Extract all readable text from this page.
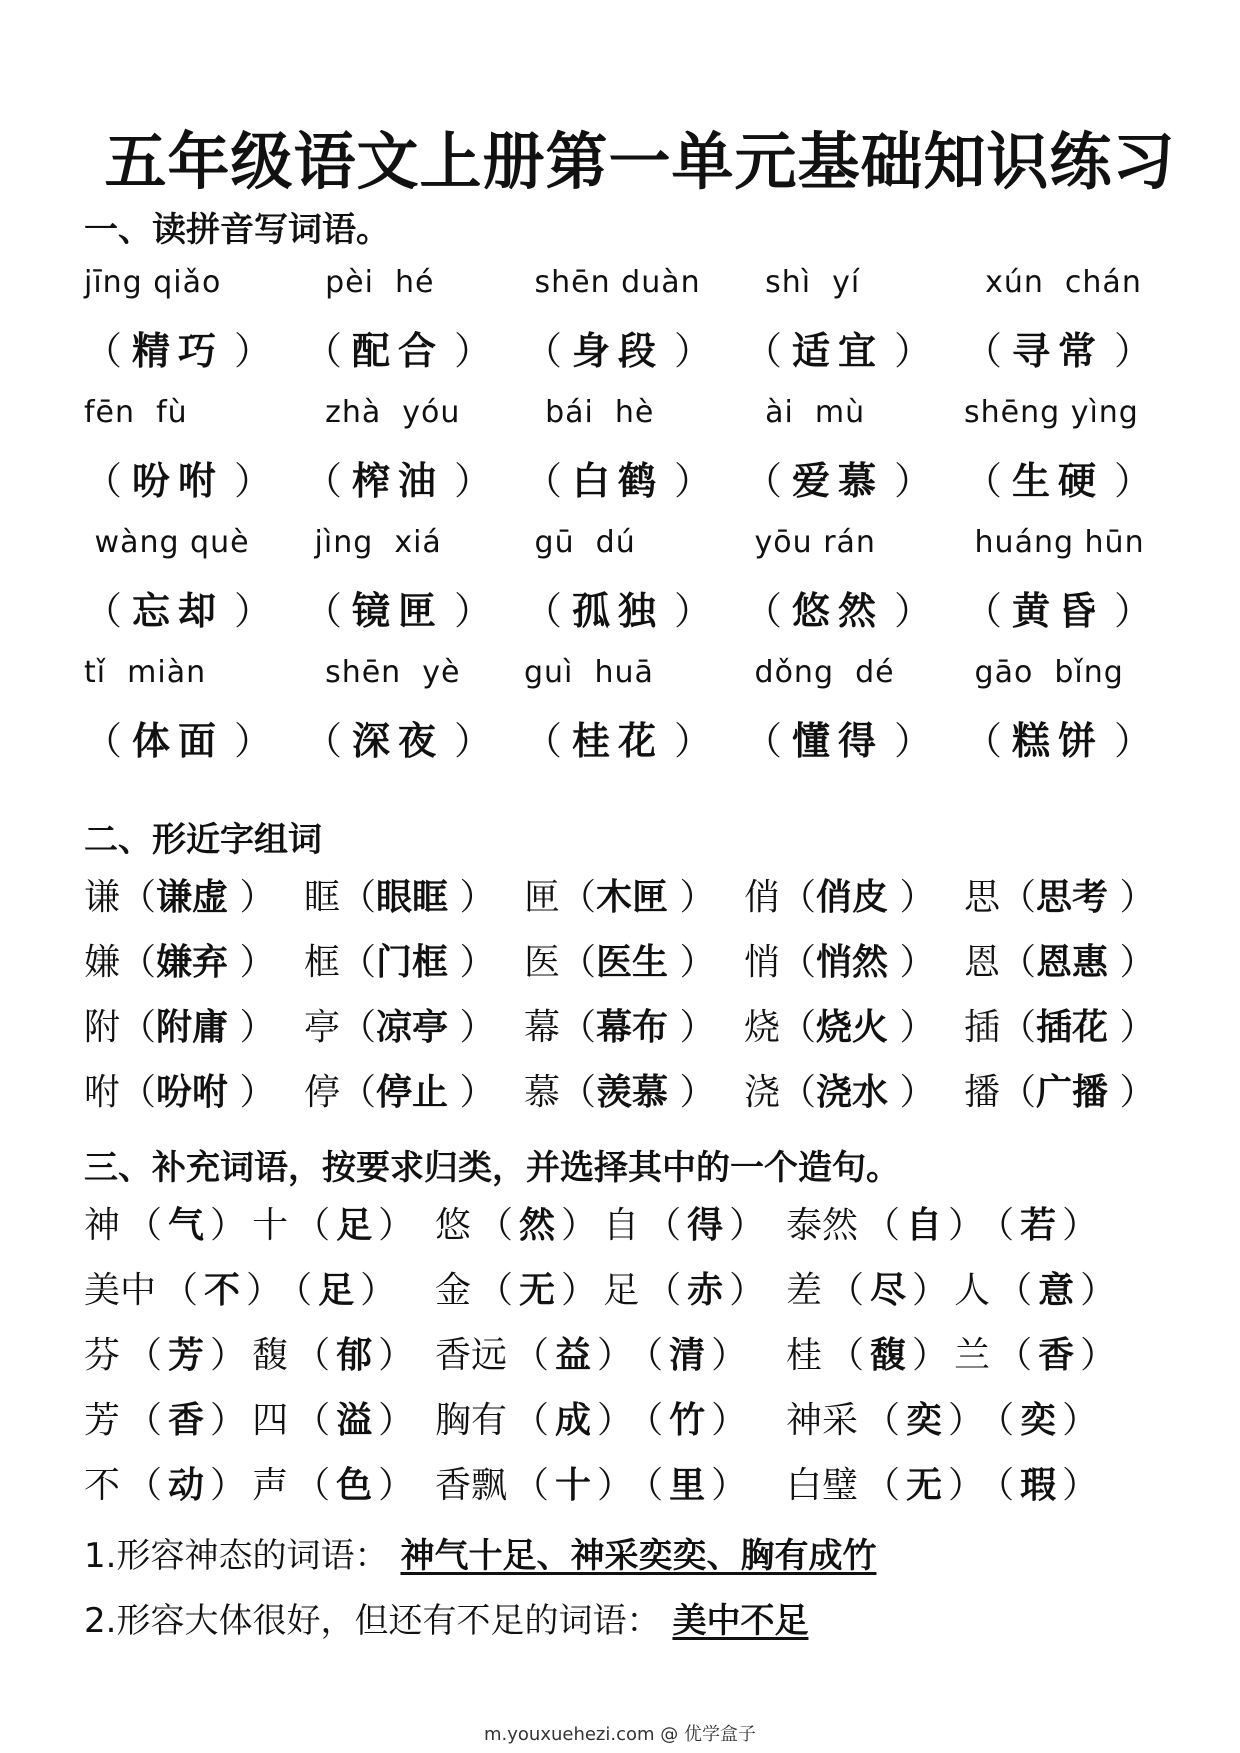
五年级语文上册第一单元基础知识练习
一、读拼音写词语。
jīng qiǎo	pèi  hé	shēn duàn	shì  yí	xún  chán
（ 精巧 ） （ 配合 ） （ 身段 ） （ 适宜 ） （ 寻常 ）
fēn  fù	zhà  yóu	bái  hè	ài  mù	shēng yìng
（ 吩咐 ） （ 榨油 ） （ 白鹤 ） （ 爱慕 ） （ 生硬 ）
wàng què	jìng  xiá	gū  dú	yōu rán	huáng hūn
（ 忘却 ） （ 镜匣 ） （ 孤独 ） （ 悠然 ） （ 黄昏 ）
tǐ  miàn	shēn  yè	guì  huā	dǒng  dé	gāo  bǐng
（ 体面 ） （ 深夜 ） （ 桂花 ） （ 懂得 ） （ 糕饼 ）
二、形近字组词
谦（谦虚 ） 眶（眼眶 ） 匣（木匣 ） 俏（俏皮 ） 思（思考 ）
嫌（嫌弃 ） 框（门框 ） 医（医生 ） 悄（悄然 ） 恩（恩惠 ）
附（附庸 ） 亭（凉亭 ） 幕（幕布 ） 烧（烧火 ） 插（插花 ）
咐（吩咐 ） 停（停止 ） 慕（羡慕 ） 浇（浇水 ） 播（广播 ）
三、补充词语，按要求归类，并选择其中的一个造句。
神 （ 气 ） 十 （ 足 ） 悠 （ 然 ） 自 （ 得 ） 泰然 （ 自 ） （ 若 ）
美中 （ 不 ） （ 足 ）	金 （ 无 ） 足 （ 赤 ） 差 （ 尽 ） 人 （ 意 ）
芬 （ 芳 ） 馥 （ 郁 ） 香远 （ 益 ） （ 清 ）	桂 （ 馥 ） 兰 （ 香 ）
芳 （ 香 ） 四 （ 溢 ） 胸有 （ 成 ） （ 竹 ）	神采 （ 奕 ） （ 奕 ）
不 （ 动 ） 声 （ 色 ） 香飘 （ 十 ） （ 里 ）	白璧 （ 无 ） （ 瑕 ）
1.形容神态的词语： 神气十足、神采奕奕、胸有成竹
2.形容大体很好，但还有不足的词语： 美中不足
m.youxuehezi.com @ 优学盒子
